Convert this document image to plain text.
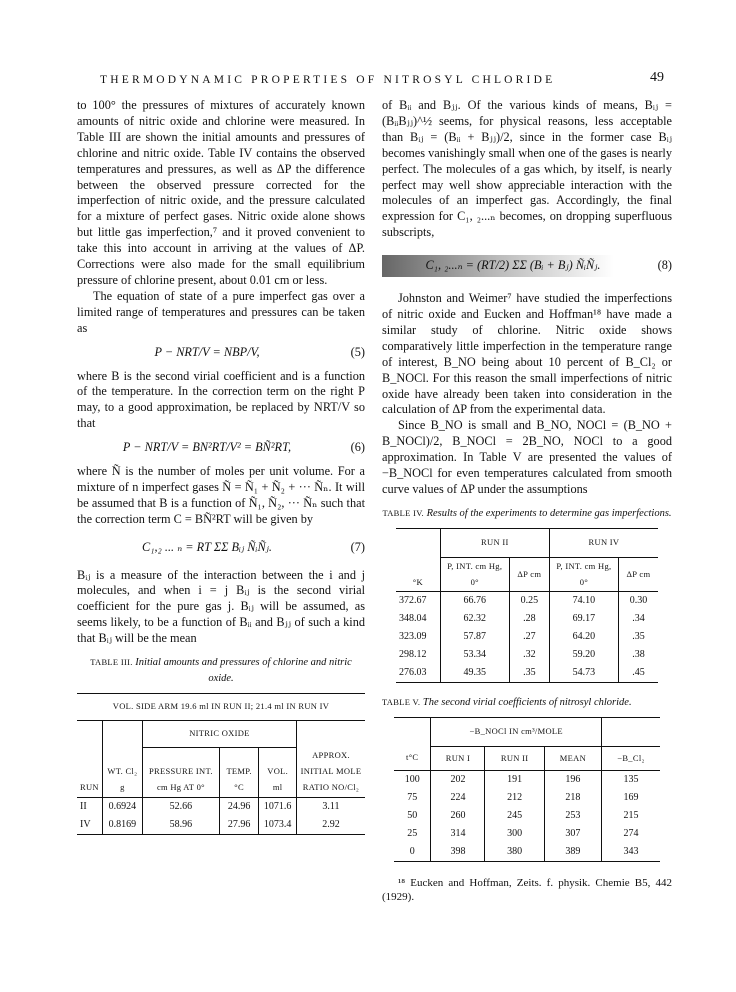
THERMODYNAMIC PROPERTIES OF NITROSYL CHLORIDE	49

to 100° the pressures of mixtures of accurately known amounts of nitric oxide and chlorine were measured. In Table III are shown the initial amounts and pressures of chlorine and nitric oxide. Table IV contains the observed temperatures and pressures, as well as ΔP the difference between the observed pressure corrected for the imperfection of nitric oxide, and the pressure calculated for a mixture of perfect gases. Nitric oxide alone shows but little gas imperfection,⁷ and it proved convenient to take this into account in arriving at the values of ΔP. Corrections were also made for the small equilibrium pressure of chlorine present, about 0.01 cm or less.

The equation of state of a pure imperfect gas over a limited range of temperatures and pressures can be taken as

P − NRT/V = NBP/V,	(5)

where B is the second virial coefficient and is a function of the temperature. In the correction term on the right P may, to a good approximation, be replaced by NRT/V so that

P − NRT/V = BN²RT/V² = BÑ²RT,	(6)

where Ñ is the number of moles per unit volume. For a mixture of n imperfect gases Ñ = Ñ₁ + Ñ₂ + ··· Ñₙ. It will be assumed that B is a function of Ñ₁, Ñ₂, ··· Ñₙ such that the correction term C = BÑ²RT will be given by

C₁,₂ ... ₙ = RT ΣΣ Bᵢⱼ ÑᵢÑⱼ.	(7)

Bᵢⱼ is a measure of the interaction between the i and j molecules, and when i = j Bᵢⱼ is the second virial coefficient for the pure gas j. Bᵢⱼ will be assumed, as seems likely, to be a function of Bᵢᵢ and Bⱼⱼ of such a kind that Bᵢⱼ will be the mean

TABLE III. Initial amounts and pressures of chlorine and nitric oxide.
VOL. SIDE ARM 19.6 ml IN RUN II; 21.4 ml IN RUN IV					
		NITRIC OXIDE			
RUN	WT. Cl₂ g	PRESSURE INT. cm Hg AT 0°	TEMP. °C	VOL. ml	APPROX. INITIAL MOLE RATIO NO/Cl₂
II	0.6924	52.66	24.96	1071.6	3.11
IV	0.8169	58.96	27.96	1073.4	2.92

of Bᵢᵢ and Bⱼⱼ. Of the various kinds of means, Bᵢⱼ = (BᵢᵢBⱼⱼ)^½ seems, for physical reasons, less acceptable than Bᵢⱼ = (Bᵢᵢ + Bⱼⱼ)/2, since in the former case Bᵢⱼ becomes vanishingly small when one of the gases is nearly perfect. The molecules of a gas which, by itself, is nearly perfect may well show appreciable interaction with the molecules of an imperfect gas. Accordingly, the final expression for C₁, ₂...ₙ becomes, on dropping superfluous subscripts,

C₁, ₂...ₙ = (RT/2) ΣΣ (Bᵢ + Bⱼ) ÑᵢÑⱼ.	(8)

Johnston and Weimer⁷ have studied the imperfections of nitric oxide and Eucken and Hoffman¹⁸ have made a similar study of chlorine. Nitric oxide shows comparatively little imperfection in the temperature range of interest, B_NO being about 10 percent of B_Cl₂ or B_NOCl. For this reason the small imperfections of nitric oxide have already been taken into consideration in the calculation of ΔP from the experimental data.

Since B_NO is small and B_NO, NOCl = (B_NO + B_NOCl)/2, B_NOCl = 2B_NO, NOCl to a good approximation. In Table V are presented the values of −B_NOCl for even temperatures calculated from smooth curve values of ΔP under the assumptions

TABLE IV. Results of the experiments to determine gas imperfections.
	RUN II		RUN IV	
°K	P, INT. cm Hg, 0°	ΔP cm	P, INT. cm Hg, 0°	ΔP cm
372.67	66.76	0.25	74.10	0.30
348.04	62.32	.28	69.17	.34
323.09	57.87	.27	64.20	.35
298.12	53.34	.32	59.20	.38
276.03	49.35	.35	54.73	.45
TABLE V. The second virial coefficients of nitrosyl chloride.
	−B_NOCl IN cm³/MOLE			
t°C	RUN I	RUN II	MEAN	−B_Cl₂
100	202	191	196	135
75	224	212	218	169
50	260	245	253	215
25	314	300	307	274
0	398	380	389	343

¹⁸ Eucken and Hoffman, Zeits. f. physik. Chemie B5, 442 (1929).
